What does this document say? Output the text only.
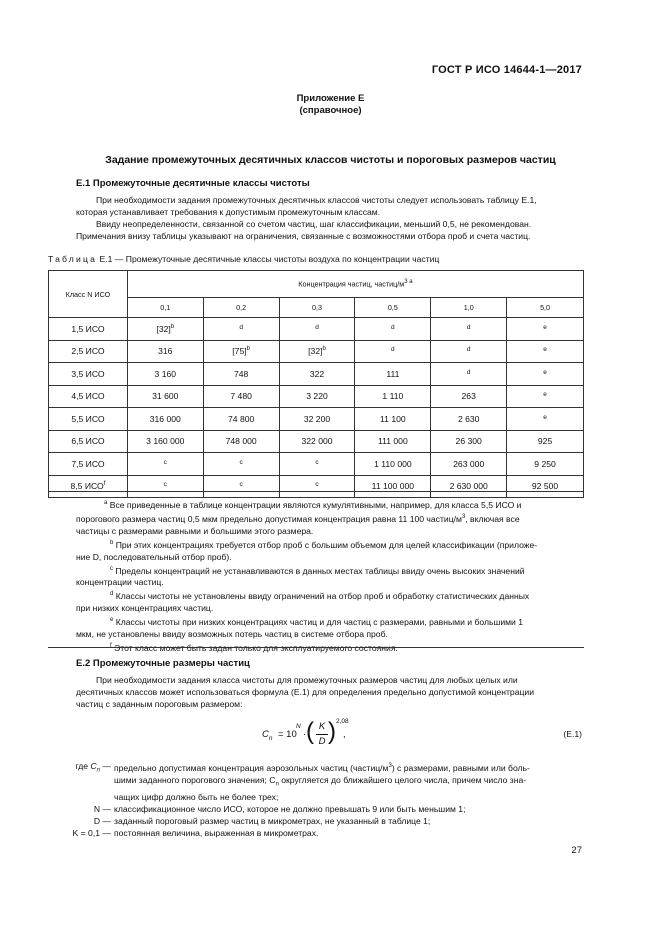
ГОСТ Р ИСО 14644-1—2017
Приложение Е
(справочное)
Задание промежуточных десятичных классов чистоты и пороговых размеров частиц
Е.1 Промежуточные десятичные классы чистоты
При необходимости задания промежуточных десятичных классов чистоты следует использовать таблицу Е.1,
которая устанавливает требования к допустимым промежуточным классам.
Ввиду неопределенности, связанной со счетом частиц, шаг классификации, меньший 0,5, не рекомендован.
Примечания внизу таблицы указывают на ограничения, связанные с возможностями отбора проб и счета частиц.
Таблица Е.1 — Промежуточные десятичные классы чистоты воздуха по концентрации частиц
Класс N ИСО	Концентрация частиц, частиц/$м^{3 а}$
	0,1	0,2	0,3	0,5	1,0	5,0
1,5 ИСО	$[32]^b$	$^d$	$^d$	$^d$	$^d$	$^e$
2,5 ИСО	316	$[75]^b$	$[32]^b$	$^d$	$^d$	$^e$
3,5 ИСО	3 160	748	322	111	$^d$	$^e$
4,5 ИСО	31 600	7 480	3 220	1 110	263	$^e$
5,5 ИСО	316 000	74 800	32 200	11 100	2 630	$^e$
6,5 ИСО	3 160 000	748 000	322 000	111 000	26 300	925
7,5 ИСО	$^c$	$^c$	$^c$	1 110 000	263 000	9 250
8,5 ИСО$^f$	$^c$	$^c$	$^c$	11 100 000	2 630 000	92 500
$^а$ Все приведенные в таблице концентрации являются кумулятивными, например, для класса 5,5 ИСО и
порогового размера частиц 0,5 мкм предельно допустимая концентрация равна 11 100 частиц/$м^3$, включая все
частицы с размерами равными и большими этого размера.
$^b$ При этих концентрациях требуется отбор проб с большим объемом для целей классификации (приложе-
ние D, последовательный отбор проб).
$^с$ Пределы концентраций не устанавливаются в данных местах таблицы ввиду очень высоких значений
концентрации частиц.
$^d$ Классы чистоты не установлены ввиду ограничений на отбор проб и обработку статистических данных
при низких концентрациях частиц.
$^е$ Классы чистоты при низких концентрациях частиц и для частиц с размерами, равными и большими 1
мкм, не установлены ввиду возможных потерь частиц в системе отбора проб.
$^f$ Этот класс может быть задан только для эксплуатируемого состояния.
Е.2 Промежуточные размеры частиц
При необходимости задания класса чистоты для промежуточных размеров частиц для любых целых или
десятичных классов может использоваться формула (Е.1) для определения предельно допустимой концентрации
частиц с заданным пороговым размером:
$C_n = 10$
N
· ( K
D ) 2,08
,	(Е.1)
где $C_n$ — предельно допустимая концентрация аэрозольных частиц $(частиц/м^3)$ с размерами, равными или боль-
шими заданного порогового значения; $C_n$ округляется до ближайшего целого числа, причем число зна-
чащих цифр должно быть не более трех;
N — классификационное число ИСО, которое не должно превышать 9 или быть меньшим 1;
D — заданный пороговый размер частиц в микрометрах, не указанный в таблице 1;
K = 0,1 — постоянная величина, выраженная в микрометрах.
27
